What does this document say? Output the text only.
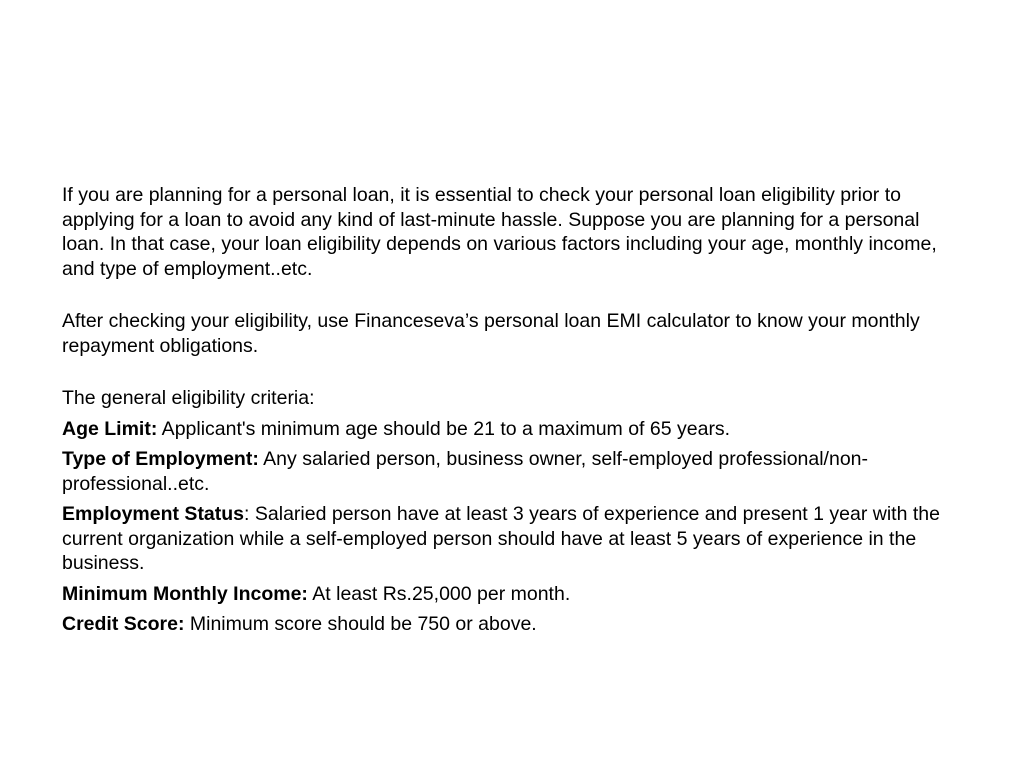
If you are planning for a personal loan, it is essential to check your personal loan eligibility prior to applying for a loan to avoid any kind of last-minute hassle. Suppose you are planning for a personal loan. In that case, your loan eligibility depends on various factors including your age, monthly income, and type of employment..etc.

After checking your eligibility, use Financeseva’s personal loan EMI calculator to know your monthly repayment obligations.

The general eligibility criteria:

Age Limit: Applicant's minimum age should be 21 to a maximum of 65 years.

Type of Employment: Any salaried person, business owner, self-employed professional/non-professional..etc.

Employment Status: Salaried person have at least 3 years of experience and present 1 year with the current organization while a self-employed person should have at least 5 years of experience in the business.

Minimum Monthly Income: At least Rs.25,000 per month.

Credit Score: Minimum score should be 750 or above.
